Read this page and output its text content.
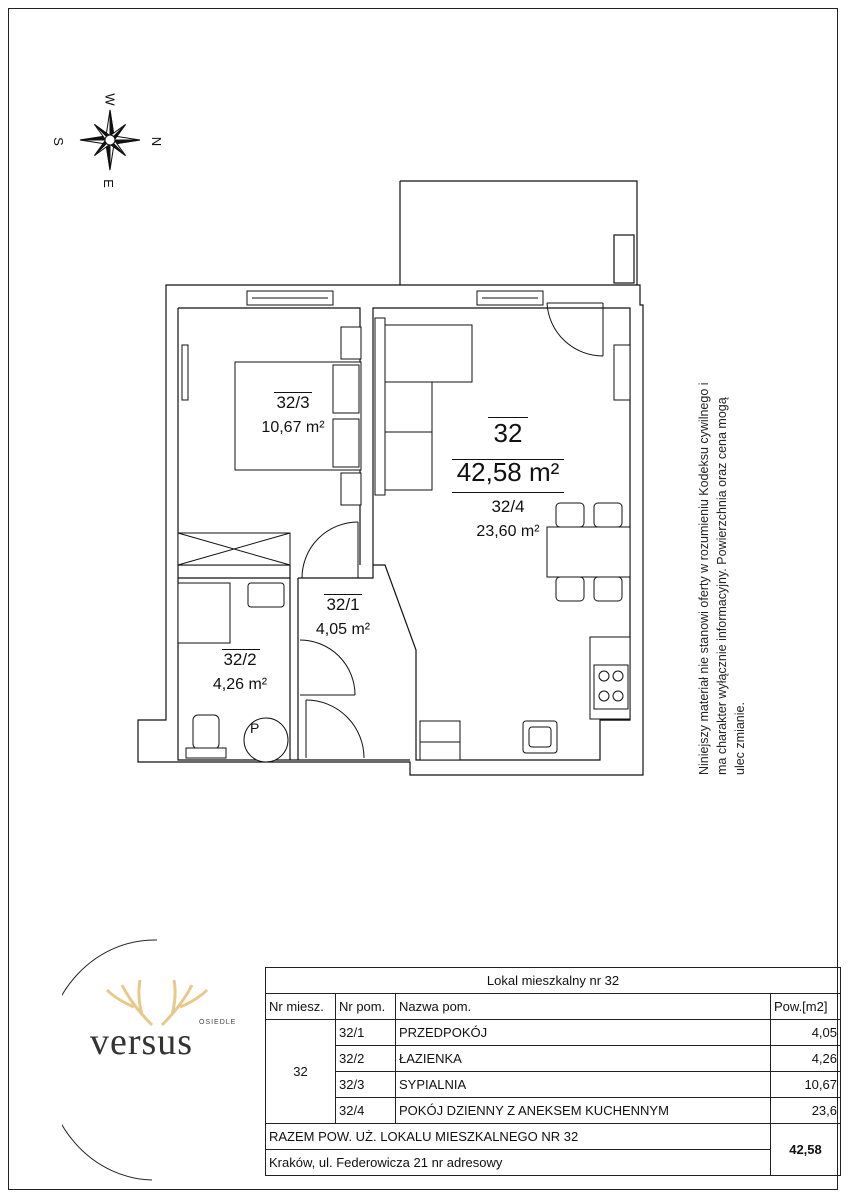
W
S	N
E
32/3
10,67 m²	32
42,58 m²
32/4
23,60 m²
32/1
4,05 m²
32/2
4,26 m²
P	Niniejszy materiał nie stanowi oferty w rozumieniu Kodeksu cywilnego i ma charakter wyłącznie informacyjny. Powierzchnia oraz cena mogą ulec zmianie.
OSIEDLE
versus
Lokal mieszkalny nr 32			
Nr miesz.	Nr pom.	Nazwa pom.	Pow.[m2]
32	32/1	PRZEDPOKÓJ	4,05
	32/2	ŁAZIENKA	4,26
	32/3	SYPIALNIA	10,67
	32/4	POKÓJ DZIENNY Z ANEKSEM KUCHENNYM	23,6
RAZEM POW. UŻ. LOKALU MIESZKALNEGO NR 32			42,58
Kraków, ul. Federowicza 21 nr adresowy			
